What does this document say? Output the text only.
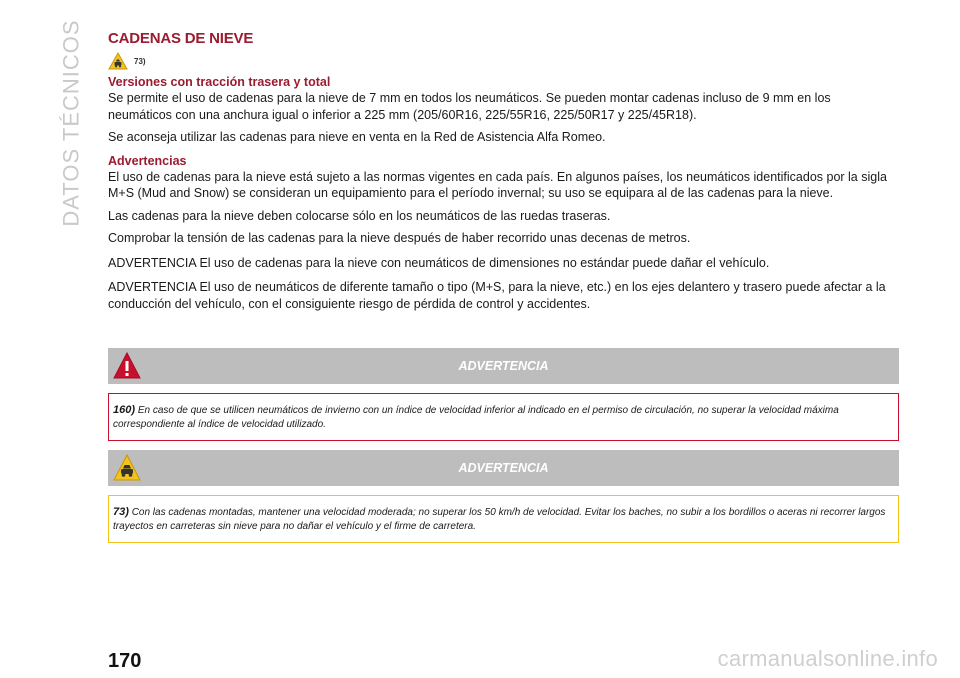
DATOS TÉCNICOS CADENAS DE NIEVE
73)
Versiones con tracción trasera y total

Se permite el uso de cadenas para la nieve de 7 mm en todos los neumáticos. Se pueden montar cadenas incluso de 9 mm en los neumáticos con una anchura igual o inferior a 225 mm (205/60R16, 225/55R16, 225/50R17 y 225/45R18).

Se aconseja utilizar las cadenas para nieve en venta en la Red de Asistencia Alfa Romeo.

Advertencias

El uso de cadenas para la nieve está sujeto a las normas vigentes en cada país. En algunos países, los neumáticos identificados por la sigla M+S (Mud and Snow) se consideran un equipamiento para el período invernal; su uso se equipara al de las cadenas para la nieve.

Las cadenas para la nieve deben colocarse sólo en los neumáticos de las ruedas traseras.

Comprobar la tensión de las cadenas para la nieve después de haber recorrido unas decenas de metros.

ADVERTENCIA El uso de cadenas para la nieve con neumáticos de dimensiones no estándar puede dañar el vehículo.

ADVERTENCIA El uso de neumáticos de diferente tamaño o tipo (M+S, para la nieve, etc.) en los ejes delantero y trasero puede afectar a la conducción del vehículo, con el consiguiente riesgo de pérdida de control y accidentes.

ADVERTENCIA
160) En caso de que se utilicen neumáticos de invierno con un índice de velocidad inferior al indicado en el permiso de circulación, no superar la velocidad máxima correspondiente al índice de velocidad utilizado.
ADVERTENCIA
73) Con las cadenas montadas, mantener una velocidad moderada; no superar los 50 km/h de velocidad. Evitar los baches, no subir a los bordillos o aceras ni recorrer largos trayectos en carreteras sin nieve para no dañar el vehículo y el firme de carretera.
170	carmanualsonline.info
